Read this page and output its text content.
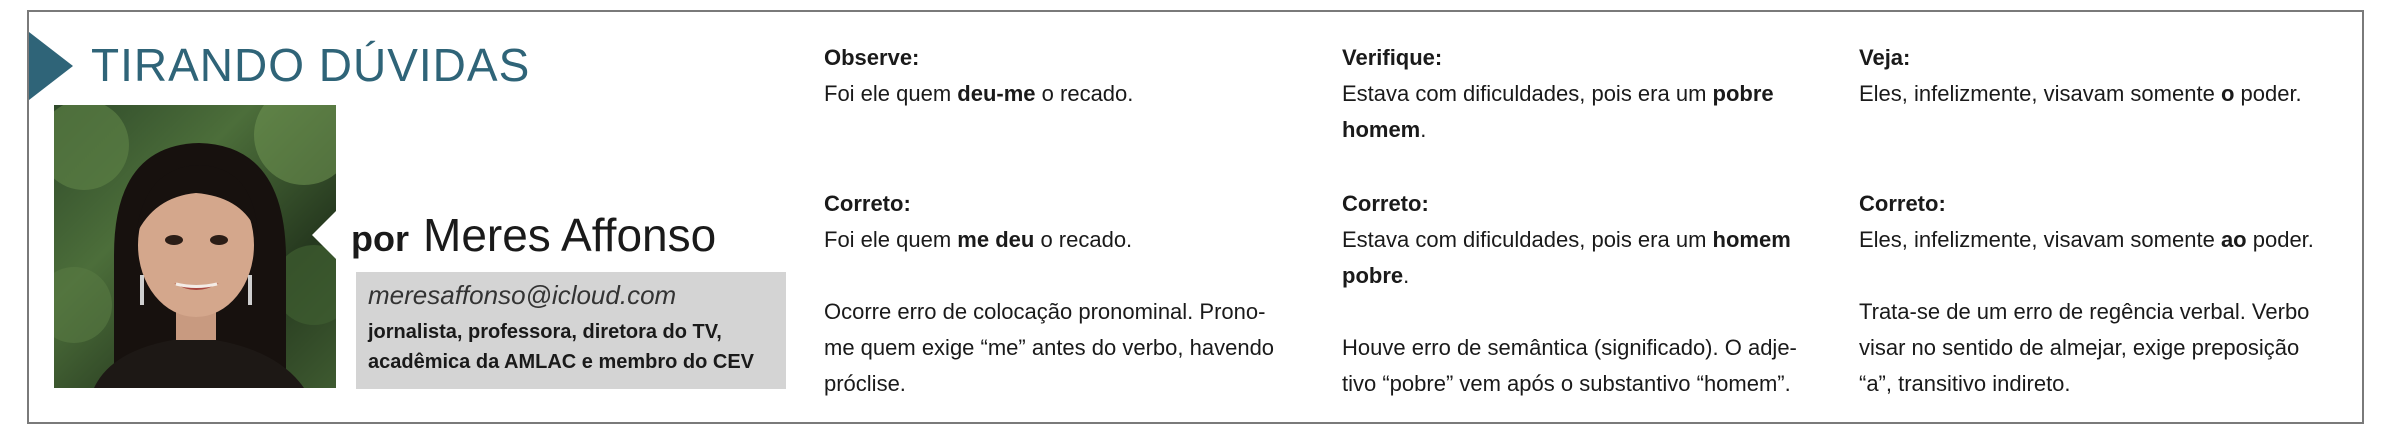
TIRANDO DÚVIDAS
por Meres Affonso
meresaffonso@icloud.com
jornalista, professora, diretora do TV,
acadêmica da AMLAC e membro do CEV
Observe:

Foi ele quem deu-me o recado.

Correto:

Foi ele quem me deu o recado.

Ocorre erro de colocação pronominal. Prono-

me quem exige “me” antes do verbo, havendo

próclise.

Verifique:

Estava com dificuldades, pois era um pobre

homem.

Correto:

Estava com dificuldades, pois era um homem

pobre.

Houve erro de semântica (significado). O adje-

tivo “pobre” vem após o substantivo “homem”.

Veja:

Eles, infelizmente, visavam somente o poder.

Correto:

Eles, infelizmente, visavam somente ao poder.

Trata-se de um erro de regência verbal. Verbo

visar no sentido de almejar, exige preposição

“a”, transitivo indireto.
